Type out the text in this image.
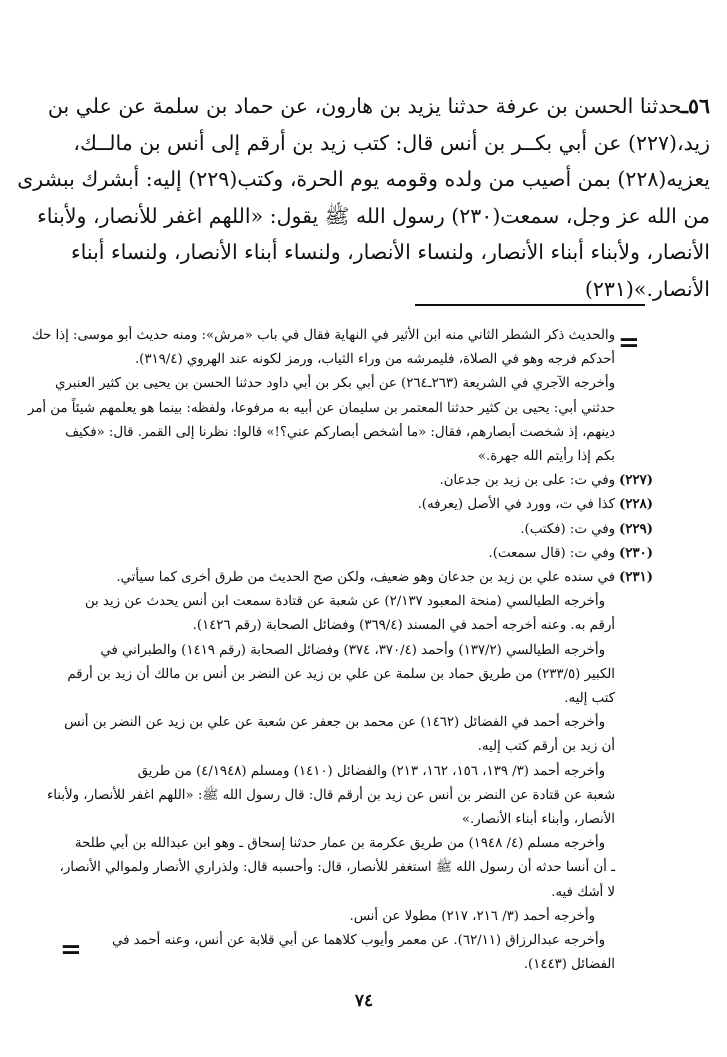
٥٦ـحدثنا الحسن بن عرفة حدثنا يزيد بن هارون، عن حماد بن سلمة عن علي بن
زيد،(٢٢٧) عن أبي بكــر بن أنس قال: كتب زيد بن أرقم إلى أنس بن مالــك،
يعزيه(٢٢٨) بمن أصيب من ولده وقومه يوم الحرة، وكتب(٢٢٩) إليه: أبشرك ببشرى
من الله عز وجل، سمعت(٢٣٠) رسول الله ﷺ يقول: «اللهم اغفر للأنصار، ولأبناء
الأنصار، ولأبناء أبناء الأنصار، ولنساء الأنصار، ولنساء أبناء الأنصار، ولنساء أبناء
الأنصار.»(٢٣١)
=
والحديث ذكر الشطر الثاني منه ابن الأثير في النهاية فقال في باب «مرش»: ومنه حديث أبو موسى: إذا حك
أحدكم فرجه وهو في الصلاة، فليمرشه من وراء الثياب، ورمز لكونه عند الهروي (٣١٩/٤).
وأخرجه الآجري في الشريعة (٢٦٣ـ٢٦٤) عن أبي بكر بن أبي داود حدثنا الحسن بن يحيى بن كثير العنبري
حدثني أبي: يحيى بن كثير حدثنا المعتمر بن سليمان عن أبيه به مرفوعا، ولفظه: بينما هو يعلمهم شيئاً من أمر
دينهم، إذ شخصت أبصارهم، فقال: «ما أشخص أبصاركم عني؟!» قالوا: نظرنا إلى القمر. قال: «فكيف
بكم إذا رأيتم الله جهرة.»
(٢٢٧)وفي ت: على بن زيد بن جدعان.
(٢٢٨)كذا في ت، وورد في الأصل (يعرفه).
(٢٢٩)وفي ت: (فكتب).
(٢٣٠)وفي ت: (قال سمعت).
(٢٣١)في سنده علي بن زيد بن جدعان وهو ضعيف، ولكن صح الحديث من طرق أخرى كما سيأتي.
وأخرجه الطيالسي (منحة المعبود ٢/١٣٧) عن شعبة عن قتادة سمعت ابن أنس يحدث عن زيد بن
أرقم به. وعنه أخرجه أحمد في المسند (٣٦٩/٤) وفضائل الصحابة (رقم ١٤٢٦).
وأخرجه الطيالسي (١٣٧/٢) وأحمد (٣٧٠/٤، ٣٧٤) وفضائل الصحابة (رقم ١٤١٩) والطبراني في
الكبير (٢٣٣/٥) من طريق حماد بن سلمة عن علي بن زيد عن النضر بن أنس بن مالك أن زيد بن أرقم
كتب إليه.
وأخرجه أحمد في الفضائل (١٤٦٢) عن محمد بن جعفر عن شعبة عن علي بن زيد عن النضر بن أنس
أن زيد بن أرقم كتب إليه.
وأخرجه أحمد (٣/ ١٣٩، ١٥٦، ١٦٢، ٢١٣) والفضائل (١٤١٠) ومسلم (٤/١٩٤٨) من طريق
شعبة عن قتادة عن النضر بن أنس عن زيد بن أرقم قال: قال رسول الله ﷺ: «اللهم اغفر للأنصار، ولأبناء
الأنصار، وأبناء أبناء الأنصار.»
وأخرجه مسلم (٤/ ١٩٤٨) من طريق عكرمة بن عمار حدثنا إسحاق ـ وهو ابن عبدالله بن أبي طلحة
ـ أن أنسا حدثه أن رسول الله ﷺ استغفر للأنصار، قال: وأحسبه قال: ولذراري الأنصار ولموالي الأنصار،
لا أشك فيه.
وأخرجه أحمد (٣/ ٢١٦، ٢١٧) مطولا عن أنس.
وأخرجه عبدالرزاق (٦٢/١١). عن معمر وأيوب كلاهما عن أبي قلابة عن أنس، وعنه أحمد في
الفضائل (١٤٤٣).
=
٧٤
